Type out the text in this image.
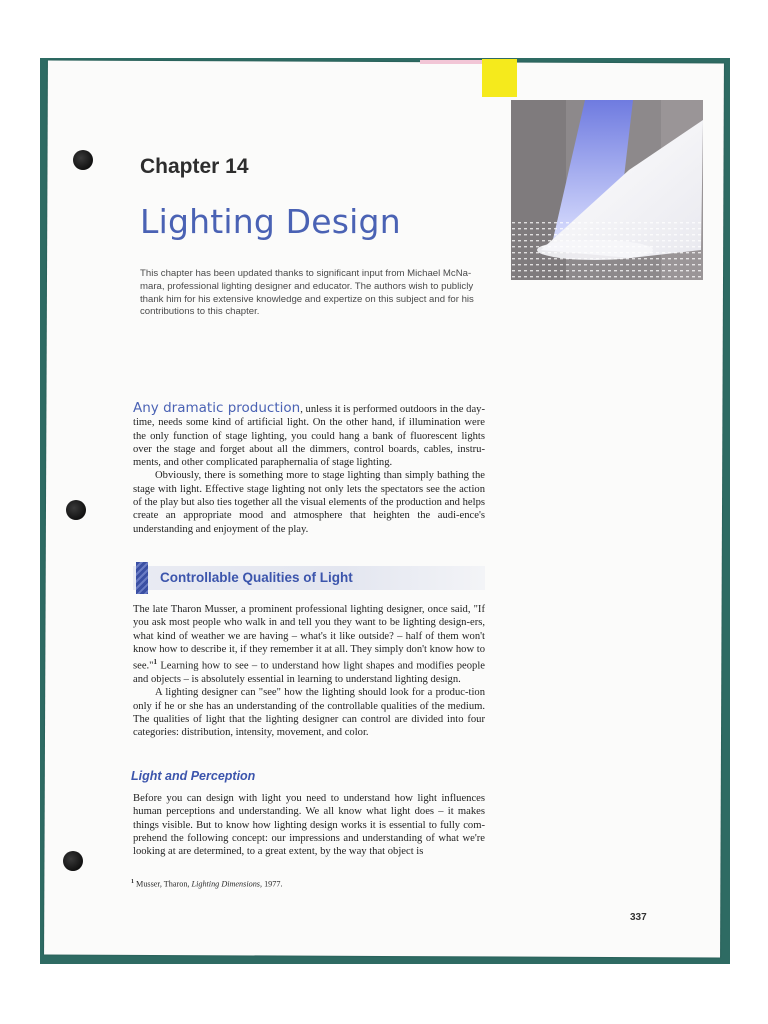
Chapter 14
Lighting Design
This chapter has been updated thanks to significant input from Michael McNa-mara, professional lighting designer and educator. The authors wish to publicly thank him for his extensive knowledge and expertize on this subject and for his contributions to this chapter.

Any dramatic production, unless it is performed outdoors in the day-time, needs some kind of artificial light. On the other hand, if illumination were the only function of stage lighting, you could hang a bank of fluorescent lights over the stage and forget about all the dimmers, control boards, cables, instru-ments, and other complicated paraphernalia of stage lighting.

Obviously, there is something more to stage lighting than simply bathing the stage with light. Effective stage lighting not only lets the spectators see the action of the play but also ties together all the visual elements of the production and helps create an appropriate mood and atmosphere that heighten the audi-ence's understanding and enjoyment of the play.

Controllable Qualities of Light

The late Tharon Musser, a prominent professional lighting designer, once said, "If you ask most people who walk in and tell you they want to be lighting design-ers, what kind of weather we are having – what's it like outside? – half of them won't know how to describe it, if they remember it at all. They simply don't know how to see."$^1$ Learning how to see – to understand how light shapes and modifies people and objects – is absolutely essential in learning to understand lighting design.

A lighting designer can "see" how the lighting should look for a produc-tion only if he or she has an understanding of the controllable qualities of the medium. The qualities of light that the lighting designer can control are divided into four categories: distribution, intensity, movement, and color.

Light and Perception

Before you can design with light you need to understand how light influences human perceptions and understanding. We all know what light does – it makes things visible. But to know how lighting design works it is essential to fully com-prehend the following concept: our impressions and understanding of what we're looking at are determined, to a great extent, by the way that object is

$^1$ Musser, Tharon, Lighting Dimensions, 1977.
337
